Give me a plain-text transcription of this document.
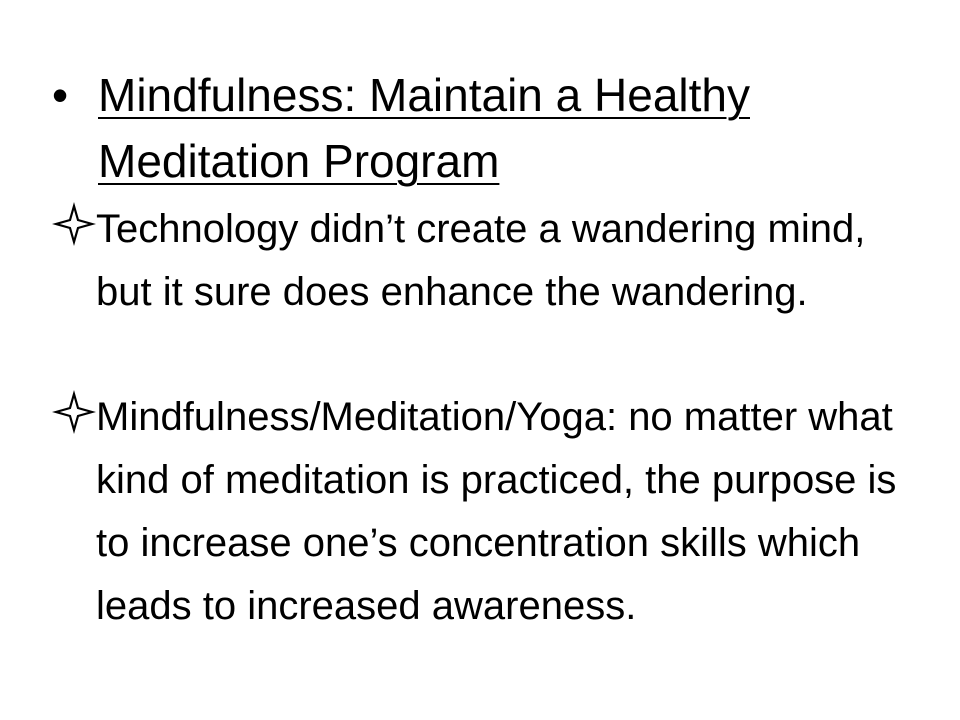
• Mindfulness: Maintain a Healthy Meditation Program
Technology didn’t create a wandering mind, but it sure does enhance the wandering.
Mindfulness/Meditation/Yoga: no matter what kind of meditation is practiced, the purpose is to increase one’s concentration skills which leads to increased awareness.
